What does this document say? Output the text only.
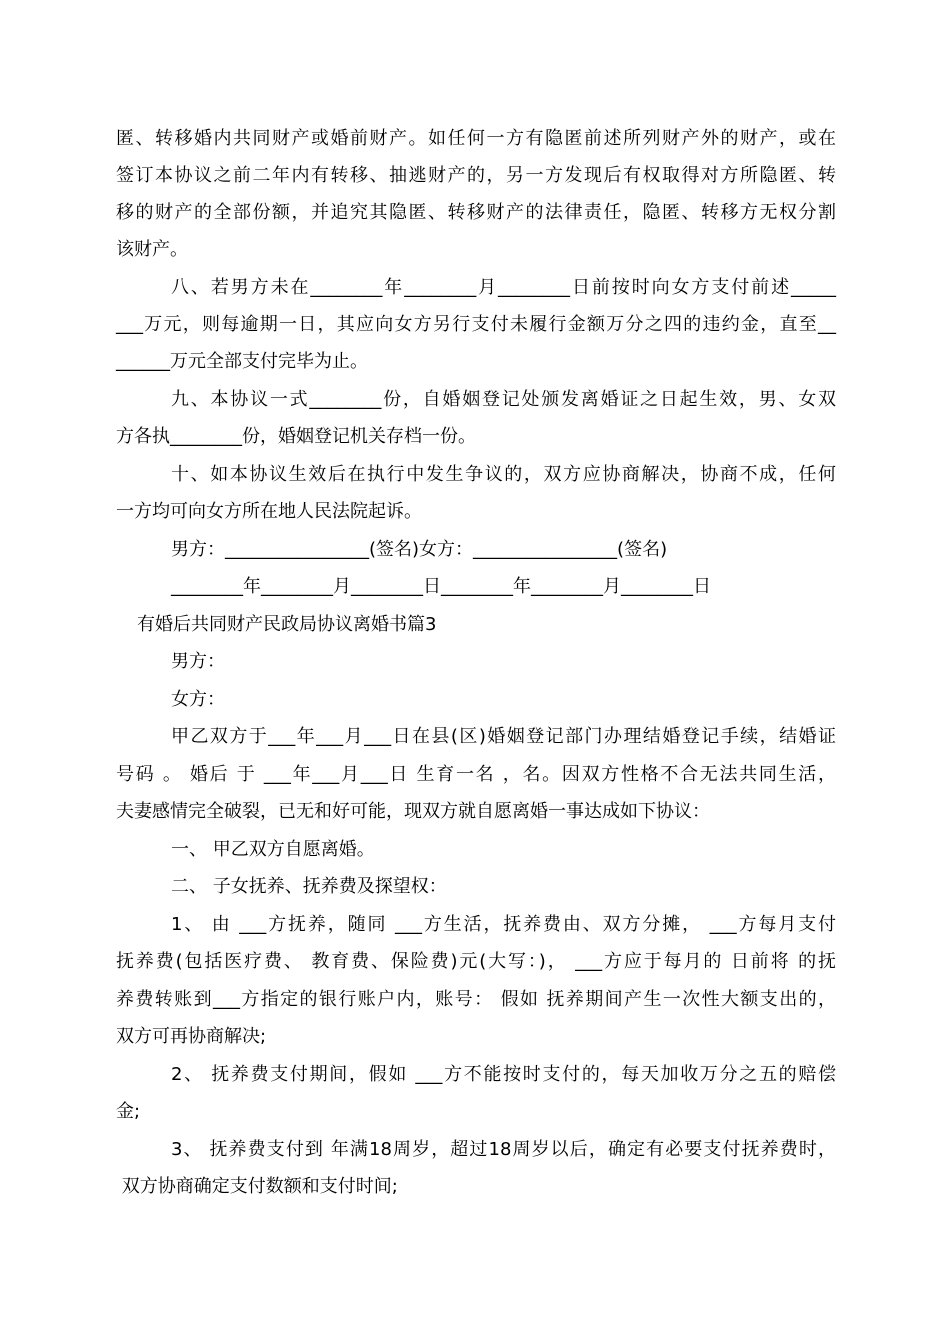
匿、转移婚内共同财产或婚前财产。如任何一方有隐匿前述所列财产外的财产，或在

签订本协议之前二年内有转移、抽逃财产的，另一方发现后有权取得对方所隐匿、转

移的财产的全部份额，并追究其隐匿、转移财产的法律责任，隐匿、转移方无权分割

该财产。

八、若男方未在________年________月________日前按时向女方支付前述_____

___万元，则每逾期一日，其应向女方另行支付未履行金额万分之四的违约金，直至__

______万元全部支付完毕为止。

九、本协议一式________份，自婚姻登记处颁发离婚证之日起生效，男、女双

方各执________份，婚姻登记机关存档一份。

十、如本协议生效后在执行中发生争议的，双方应协商解决，协商不成，任何

一方均可向女方所在地人民法院起诉。

男方：________________(签名)女方：________________(签名)

________年________月________日________年________月________日

有婚后共同财产民政局协议离婚书篇3

男方：

女方：

甲乙双方于___年___月___日在县(区)婚姻登记部门办理结婚登记手续，结婚证

号码 。 婚后 于 ___年___月___日 生育一名 ，名。因双方性格不合无法共同生活，

夫妻感情完全破裂，已无和好可能，现双方就自愿离婚一事达成如下协议：

一、 甲乙双方自愿离婚。

二、 子女抚养、抚养费及探望权：

1、 由 ___方抚养，随同 ___方生活，抚养费由、双方分摊， ___方每月支付

抚养费(包括医疗费、 教育费、保险费)元(大写：)， ___方应于每月的 日前将 的抚

养费转账到___方指定的银行账户内，账号： 假如 抚养期间产生一次性大额支出的，

双方可再协商解决;

2、 抚养费支付期间，假如 ___方不能按时支付的，每天加收万分之五的赔偿

金;

3、 抚养费支付到 年满18周岁，超过18周岁以后，确定有必要支付抚养费时，

双方协商确定支付数额和支付时间;
